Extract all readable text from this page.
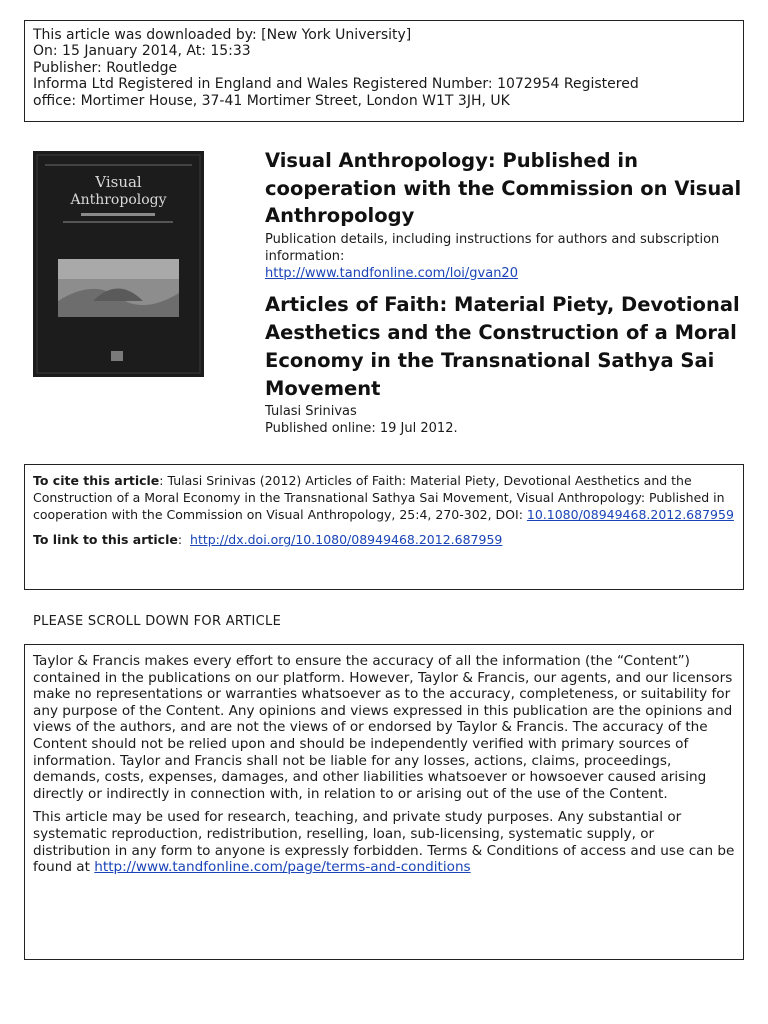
This article was downloaded by: [New York University]
On: 15 January 2014, At: 15:33
Publisher: Routledge
Informa Ltd Registered in England and Wales Registered Number: 1072954 Registered
office: Mortimer House, 37-41 Mortimer Street, London W1T 3JH, UK
Visual
Anthropology
Visual Anthropology: Published in cooperation with the Commission on Visual Anthropology
Publication details, including instructions for authors and subscription information:
http://www.tandfonline.com/loi/gvan20
Articles of Faith: Material Piety, Devotional Aesthetics and the Construction of a Moral Economy in the Transnational Sathya Sai Movement
Tulasi Srinivas
Published online: 19 Jul 2012.
To cite this article: Tulasi Srinivas (2012) Articles of Faith: Material Piety, Devotional Aesthetics and the Construction of a Moral Economy in the Transnational Sathya Sai Movement, Visual Anthropology: Published in cooperation with the Commission on Visual Anthropology, 25:4, 270-302, DOI: 10.1080/08949468.2012.687959
To link to this article:  http://dx.doi.org/10.1080/08949468.2012.687959
PLEASE SCROLL DOWN FOR ARTICLE

Taylor & Francis makes every effort to ensure the accuracy of all the information (the “Content”) contained in the publications on our platform. However, Taylor & Francis, our agents, and our licensors make no representations or warranties whatsoever as to the accuracy, completeness, or suitability for any purpose of the Content. Any opinions and views expressed in this publication are the opinions and views of the authors, and are not the views of or endorsed by Taylor & Francis. The accuracy of the Content should not be relied upon and should be independently verified with primary sources of information. Taylor and Francis shall not be liable for any losses, actions, claims, proceedings, demands, costs, expenses, damages, and other liabilities whatsoever or howsoever caused arising directly or indirectly in connection with, in relation to or arising out of the use of the Content.

This article may be used for research, teaching, and private study purposes. Any substantial or systematic reproduction, redistribution, reselling, loan, sub-licensing, systematic supply, or distribution in any form to anyone is expressly forbidden. Terms & Conditions of access and use can be found at http://www.tandfonline.com/page/terms-and-conditions
